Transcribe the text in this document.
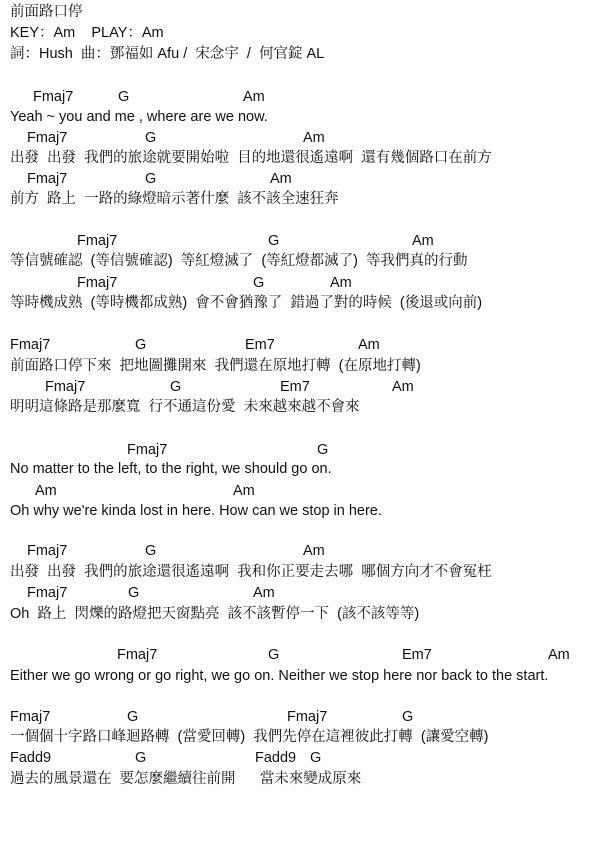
前面路口停
KEY：Am    PLAY：Am
詞：Hush  曲：鄧福如 Afu /  宋念宇  /  何官錠 AL
Fmaj7	G	Am
Yeah ~ you and me , where are we now.
Fmaj7	G	Am
出發  出發  我們的旅途就要開始啦  目的地還很遙遠啊  還有幾個路口在前方
Fmaj7	G	Am
前方  路上  一路的綠燈暗示著什麼  該不該全速狂奔
Fmaj7	G	Am
等信號確認  (等信號確認)  等紅燈滅了  (等紅燈都滅了)  等我們真的行動
Fmaj7	G	Am
等時機成熟  (等時機都成熟)  會不會猶豫了  錯過了對的時候  (後退或向前)
Fmaj7	G	Em7	Am
前面路口停下來  把地圖攤開來  我們還在原地打轉  (在原地打轉)
Fmaj7	G	Em7	Am
明明這條路是那麼寬  行不通這份愛  未來越來越不會來
Fmaj7	G
No matter to the left, to the right, we should go on.
Am	Am
Oh why we're kinda lost in here. How can we stop in here.
Fmaj7	G	Am
出發  出發  我們的旅途還很遙遠啊  我和你正要走去哪  哪個方向才不會冤枉
Fmaj7	G	Am
Oh  路上  閃爍的路燈把天窗點亮  該不該暫停一下  (該不該等等)
Fmaj7	G	Em7	Am
Either we go wrong or go right, we go on. Neither we stop here nor back to the start.
Fmaj7	G	Fmaj7	G
一個個十字路口峰迴路轉  (當愛回轉)  我們先停在這裡彼此打轉  (讓愛空轉)
Fadd9	G	Fadd9 G
過去的風景還在  要怎麼繼續往前開      當未來變成原來
